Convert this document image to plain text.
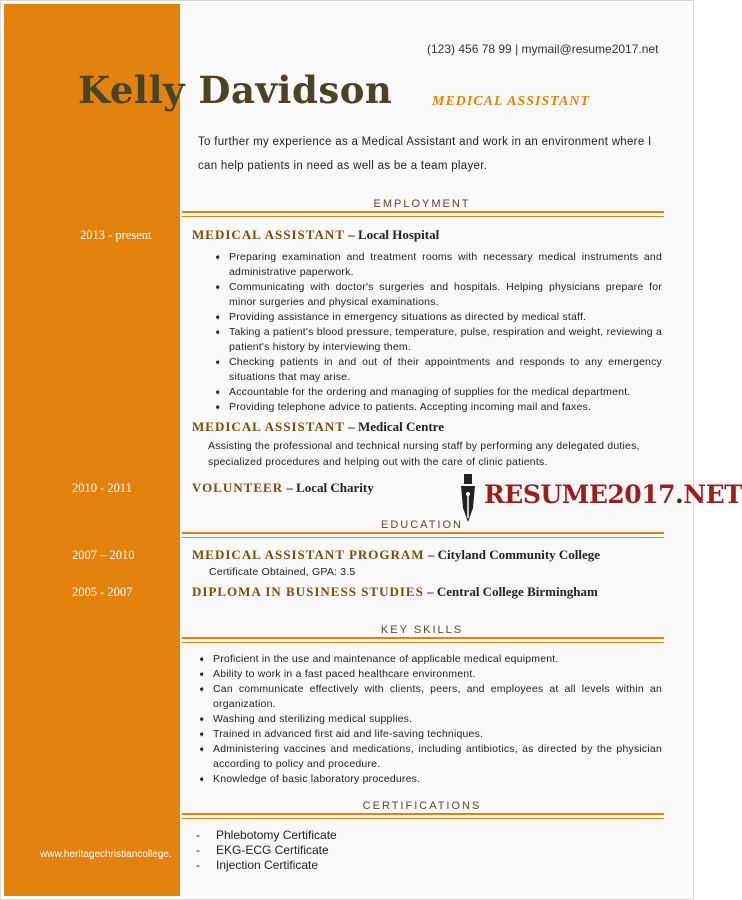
(123) 456 78 99 | mymail@resume2017.net
Kelly Davidson	MEDICAL ASSISTANT
To further my experience as a Medical Assistant and work in an environment where I can help patients in need as well as be a team player.
EMPLOYMENT
2013 - present	MEDICAL ASSISTANT – Local Hospital
➧ Preparing examination and treatment rooms with necessary medical instruments and administrative paperwork.
➧ Communicating with doctor's surgeries and hospitals. Helping physicians prepare for minor surgeries and physical examinations.
➧ Providing assistance in emergency situations as directed by medical staff.
➧ Taking a patient's blood pressure, temperature, pulse, respiration and weight, reviewing a patient's history by interviewing them.
➧ Checking patients in and out of their appointments and responds to any emergency situations that may arise.
➧ Accountable for the ordering and managing of supplies for the medical department.
➧ Providing telephone advice to patients. Accepting incoming mail and faxes.
MEDICAL ASSISTANT – Medical Centre
Assisting the professional and technical nursing staff by performing any delegated duties, specialized procedures and helping out with the care of clinic patients.
2010 - 2011	VOLUNTEER – Local Charity	RESUME2017.NET
EDUCATION
2007 – 2010	MEDICAL ASSISTANT PROGRAM – Cityland Community College
Certificate Obtained, GPA: 3.5
2005 - 2007	DIPLOMA IN BUSINESS STUDIES – Central College Birmingham
KEY SKILLS
➧ Proficient in the use and maintenance of applicable medical equipment.
➧ Ability to work in a fast paced healthcare environment.
➧ Can communicate effectively with clients, peers, and employees at all levels within an organization.
➧ Washing and sterilizing medical supplies.
➧ Trained in advanced first aid and life-saving techniques.
➧ Administering vaccines and medications, including antibiotics, as directed by the physician according to policy and procedure.
➧ Knowledge of basic laboratory procedures.
CERTIFICATIONS
- Phlebotomy Certificate
- EKG-ECG Certificate
- Injection Certificate
www.heritagechristiancollege.
